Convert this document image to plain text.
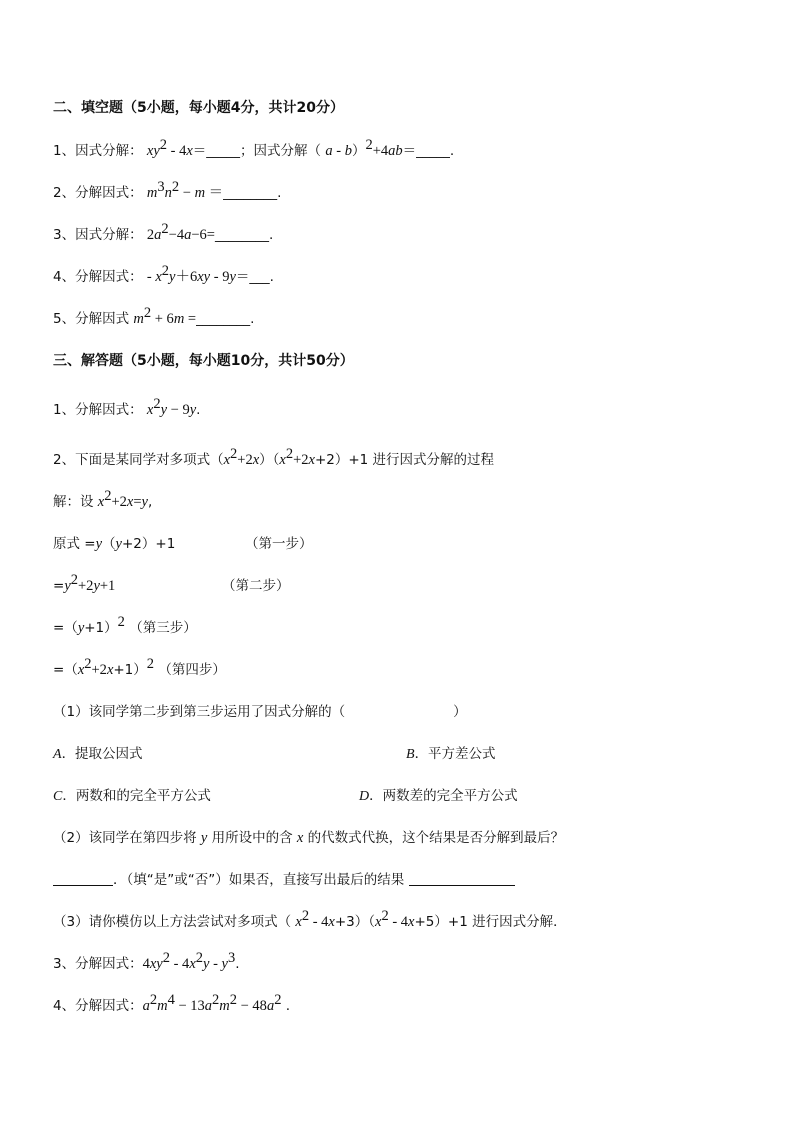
二、填空题（5小题，每小题4分，共计20分）
1、因式分解： $xy^2$ - 4x＝_____；因式分解（ a - b）$^2$+4ab＝_____.
2、分解因式： $m^3n^2 - m$ ＝________.
3、因式分解： $2a^2-4a-6=\_\_\_\_\_\_\_\_$.
4、分解因式： - $x^2y+6xy$ - 9y＝___.
5、分解因式 $m^2 + 6m$ =________.
三、解答题（5小题，每小题10分，共计50分）
1、分解因式： $x^2y - 9y$.
2、下面是某同学对多项式$(x^2+2x)(x^2+2x+2)+1$ 进行因式分解的过程
解：设 $x^2+2x=y$,
原式 =y（y+2）+1	（第一步）
$=y^2+2y+1$	（第二步）
$=(y+1)^2$ （第三步）
$=(x^2+2x+1)^2$ （第四步）
（1）该同学第二步到第三步运用了因式分解的（	）
A．提取公因式	B．平方差公式
C．两数和的完全平方公式	D．两数差的完全平方公式
（2）该同学在第四步将 y 用所设中的含 x 的代数式代换，这个结果是否分解到最后？
．（填“是”或“否”）如果否，直接写出最后的结果
（3）请你模仿以上方法尝试对多项式（ $x^2 - 4x+3)(x^2 - 4x+5)+1$ 进行因式分解．
3、分解因式：$4xy^2 - 4x^2y - y^3$.
4、分解因式：$a^2m^4 - 13a^2m^2 - 48a^2$ .
